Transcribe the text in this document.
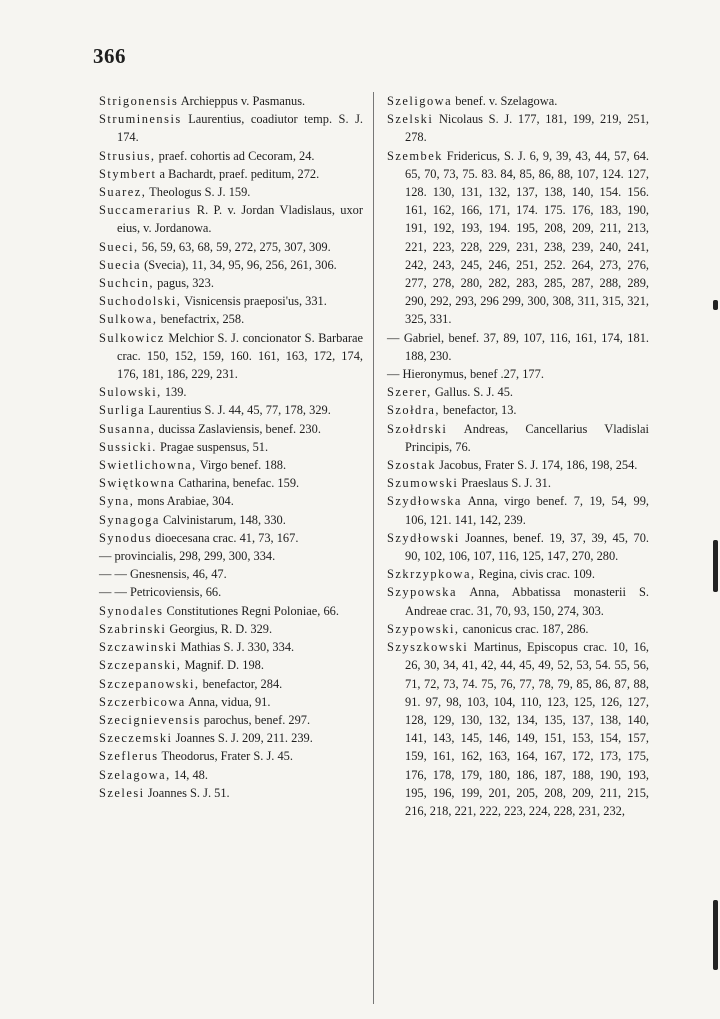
366
Strigonensis Archieppus v. Pasmanus.
Struminensis Laurentius, coadiutor temp. S. J. 174.
Strusius, praef. cohortis ad Cecoram, 24.
Stymbert a Bachardt, praef. peditum, 272.
Suarez, Theologus S. J. 159.
Succamerarius R. P. v. Jordan Vladislaus, uxor eius, v. Jordanowa.
Sueci, 56, 59, 63, 68, 59, 272, 275, 307, 309.
Suecia (Svecia), 11, 34, 95, 96, 256, 261, 306.
Suchcin, pagus, 323.
Suchodolski, Visnicensis praeposi'us, 331.
Sulkowa, benefactrix, 258.
Sulkowicz Melchior S. J. concionator S. Barbarae crac. 150, 152, 159, 160. 161, 163, 172, 174, 176, 181, 186, 229, 231.
Sulowski, 139.
Surliga Laurentius S. J. 44, 45, 77, 178, 329.
Susanna, ducissa Zaslaviensis, benef. 230.
Sussicki. Pragae suspensus, 51.
Swietlichowna, Virgo benef. 188.
Swiętkowna Catharina, benefac. 159.
Syna, mons Arabiae, 304.
Synagoga Calvinistarum, 148, 330.
Synodus dioecesana crac. 41, 73, 167.
— provincialis, 298, 299, 300, 334.
— — Gnesnensis, 46, 47.
— — Petricoviensis, 66.
Synodales Constitutiones Regni Poloniae, 66.
Szabrinski Georgius, R. D. 329.
Szczawinski Mathias S. J. 330, 334.
Szczepanski, Magnif. D. 198.
Szczepanowski, benefactor, 284.
Szczerbicowa Anna, vidua, 91.
Szecignievensis parochus, benef. 297.
Szeczemski Joannes S. J. 209, 211. 239.
Szeflerus Theodorus, Frater S. J. 45.
Szelagowa, 14, 48.
Szelesi Joannes S. J. 51.
Szeligowa benef. v. Szelagowa.
Szelski Nicolaus S. J. 177, 181, 199, 219, 251, 278.
Szembek Fridericus, S. J. 6, 9, 39, 43, 44, 57, 64. 65, 70, 73, 75. 83. 84, 85, 86, 88, 107, 124. 127, 128. 130, 131, 132, 137, 138, 140, 154. 156. 161, 162, 166, 171, 174. 175. 176, 183, 190, 191, 192, 193, 194. 195, 208, 209, 211, 213, 221, 223, 228, 229, 231, 238, 239, 240, 241, 242, 243, 245, 246, 251, 252. 264, 273, 276, 277, 278, 280, 282, 283, 285, 287, 288, 289, 290, 292, 293, 296 299, 300, 308, 311, 315, 321, 325, 331.
— Gabriel, benef. 37, 89, 107, 116, 161, 174, 181. 188, 230.
— Hieronymus, benef .27, 177.
Szerer, Gallus. S. J. 45.
Szołdra, benefactor, 13.
Szołdrski Andreas, Cancellarius Vladislai Principis, 76.
Szostak Jacobus, Frater S. J. 174, 186, 198, 254.
Szumowski Praeslaus S. J. 31.
Szydłowska Anna, virgo benef. 7, 19, 54, 99, 106, 121. 141, 142, 239.
Szydłowski Joannes, benef. 19, 37, 39, 45, 70. 90, 102, 106, 107, 116, 125, 147, 270, 280.
Szkrzypkowa, Regina, civis crac. 109.
Szypowska Anna, Abbatissa monasterii S. Andreae crac. 31, 70, 93, 150, 274, 303.
Szypowski, canonicus crac. 187, 286.
Szyszkowski Martinus, Episcopus crac. 10, 16, 26, 30, 34, 41, 42, 44, 45, 49, 52, 53, 54. 55, 56, 71, 72, 73, 74. 75, 76, 77, 78, 79, 85, 86, 87, 88, 91. 97, 98, 103, 104, 110, 123, 125, 126, 127, 128, 129, 130, 132, 134, 135, 137, 138, 140, 141, 143, 145, 146, 149, 151, 153, 154, 157, 159, 161, 162, 163, 164, 167, 172, 173, 175, 176, 178, 179, 180, 186, 187, 188, 190, 193, 195, 196, 199, 201, 205, 208, 209, 211, 215, 216, 218, 221, 222, 223, 224, 228, 231, 232,
